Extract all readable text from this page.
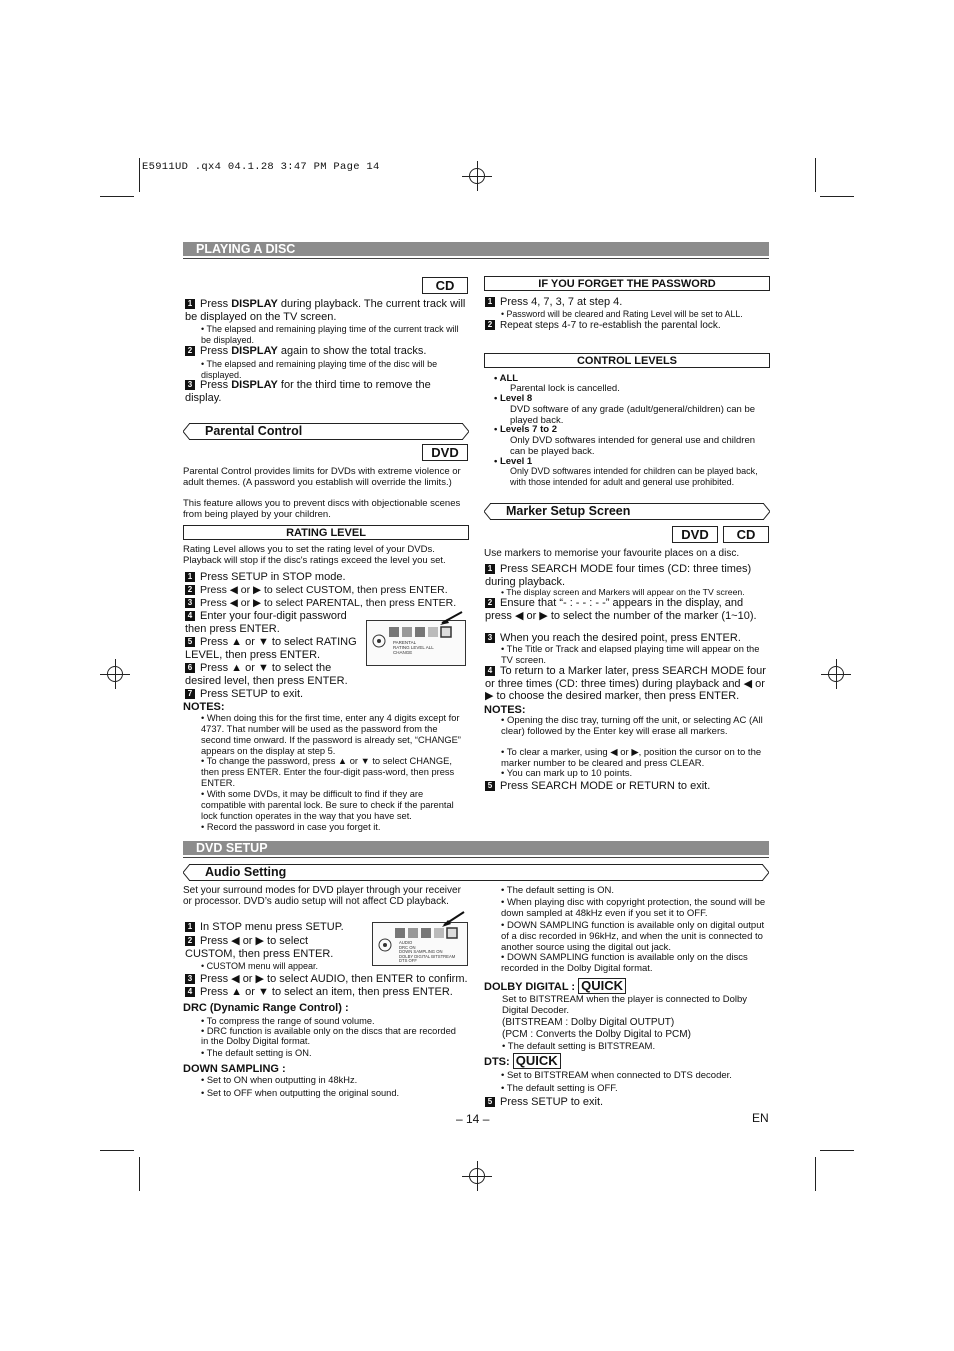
E5911UD .qx4 04.1.28 3:47 PM Page 14
PLAYING A DISC
CD
1 Press DISPLAY during playback. The current track will be displayed on the TV screen.
• The elapsed and remaining playing time of the current track will be displayed.
2 Press DISPLAY again to show the total tracks.
• The elapsed and remaining playing time of the disc will be displayed.
3 Press DISPLAY for the third time to remove the display.
Parental Control
DVD
Parental Control provides limits for DVDs with extreme violence or adult themes. (A password you establish will override the limits.)
This feature allows you to prevent discs with objectionable scenes from being played by your children.
RATING LEVEL
Rating Level allows you to set the rating level of your DVDs. Playback will stop if the disc's ratings exceed the level you set.
1 Press SETUP in STOP mode.
2 Press ◀ or ▶ to select CUSTOM, then press ENTER.
3 Press ◀ or ▶ to select PARENTAL, then press ENTER.
4 Enter your four-digit password then press ENTER.
5 Press ▲ or ▼ to select RATING LEVEL, then press ENTER.
6 Press ▲ or ▼ to select the desired level, then press ENTER.
7 Press SETUP to exit.
PARENTAL
RATING LEVEL ALL
CHANGE
NOTES:
• When doing this for the first time, enter any 4 digits except for 4737. That number will be used as the password from the second time onward. If the password is already set, “CHANGE” appears on the display at step 5.
• To change the password, press ▲ or ▼ to select CHANGE, then press ENTER. Enter the four-digit pass-word, then press ENTER.
• With some DVDs, it may be difficult to find if they are compatible with parental lock. Be sure to check if the parental lock function operates in the way that you have set.
• Record the password in case you forget it.
IF YOU FORGET THE PASSWORD
1 Press 4, 7, 3, 7 at step 4.
• Password will be cleared and Rating Level will be set to ALL.
2 Repeat steps 4-7 to re-establish the parental lock.
CONTROL LEVELS
• ALL
Parental lock is cancelled.
• Level 8
DVD software of any grade (adult/general/children) can be played back.
• Levels 7 to 2
Only DVD softwares intended for general use and children can be played back.
• Level 1
Only DVD softwares intended for children can be played back, with those intended for adult and general use prohibited.
Marker Setup Screen
DVD	CD
Use markers to memorise your favourite places on a disc.
1 Press SEARCH MODE four times (CD: three times) during playback.
• The display screen and Markers will appear on the TV screen.
2 Ensure that “- : - - : - -” appears in the display, and press ◀ or ▶ to select the number of the marker (1~10).
3 When you reach the desired point, press ENTER.
• The Title or Track and elapsed playing time will appear on the TV screen.
4 To return to a Marker later, press SEARCH MODE four or three times (CD: three times) during playback and ◀ or ▶ to choose the desired marker, then press ENTER.
NOTES:
• Opening the disc tray, turning off the unit, or selecting AC (All clear) followed by the Enter key will erase all markers.
• To clear a marker, using ◀ or ▶, position the cursor on to the marker number to be cleared and press CLEAR.
• You can mark up to 10 points.
5 Press SEARCH MODE or RETURN to exit.
DVD SETUP
Audio Setting
Set your surround modes for DVD player through your receiver or processor. DVD’s audio setup will not affect CD playback.
1 In STOP menu press SETUP.
2 Press ◀ or ▶ to select CUSTOM, then press ENTER.
• CUSTOM menu will appear.
3 Press ◀ or ▶ to select AUDIO, then ENTER to confirm.
4 Press ▲ or ▼ to select an item, then press ENTER.
AUDIO
DRC ON
DOWN SAMPLING ON
DOLBY DIGITAL BITSTREAM
DTS OFF
DRC (Dynamic Range Control) :
• To compress the range of sound volume.
• DRC function is available only on the discs that are recorded in the Dolby Digital format.
• The default setting is ON.
DOWN SAMPLING :
• Set to ON when outputting in 48kHz.
• Set to OFF when outputting the original sound.
• The default setting is ON.
• When playing disc with copyright protection, the sound will be down sampled at 48kHz even if you set it to OFF.
• DOWN SAMPLING function is available only on digital output of a disc recorded in 96kHz, and when the unit is connected to another source using the digital out jack.
• DOWN SAMPLING function is available only on the discs recorded in the Dolby Digital format.
DOLBY DIGITAL : QUICK
Set to BITSTREAM when the player is connected to Dolby Digital Decoder.
(BITSTREAM : Dolby Digital OUTPUT)
(PCM : Converts the Dolby Digital to PCM)
• The default setting is BITSTREAM.
DTS: QUICK
• Set to BITSTREAM when connected to DTS decoder.
• The default setting is OFF.
5 Press SETUP to exit.
– 14 –	EN
